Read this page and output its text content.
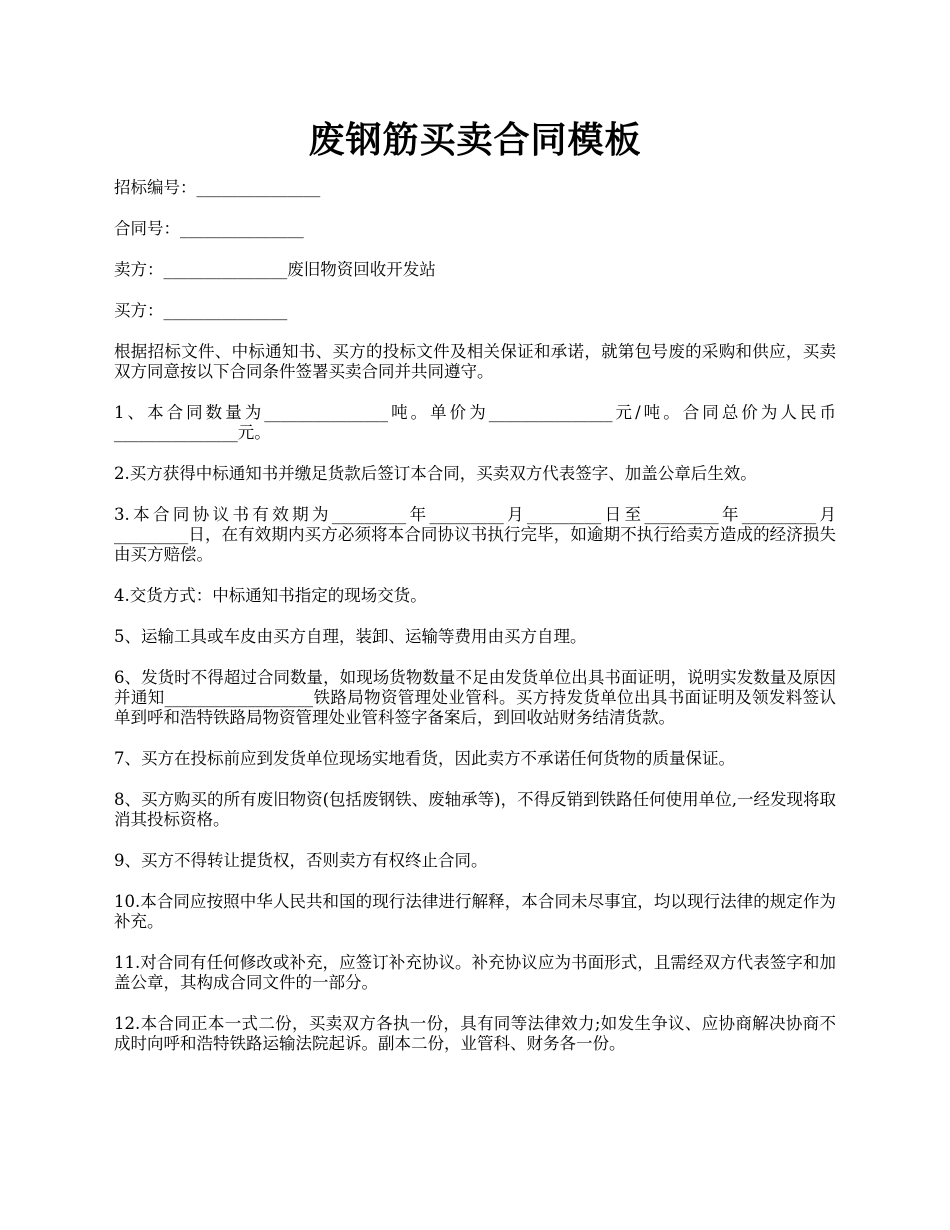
废钢筋买卖合同模板

招标编号：_______________

合同号：_______________

卖方：_______________废旧物资回收开发站

买方：_______________

根据招标文件、中标通知书、买方的投标文件及相关保证和承诺，就第包号废的采购和供应，买卖双方同意按以下合同条件签署买卖合同并共同遵守。

1、本合同数量为_______________吨。单价为_______________元/吨。合同总价为人民币_______________元。

2.买方获得中标通知书并缴足货款后签订本合同，买卖双方代表签字、加盖公章后生效。

3.本合同协议书有效期为_________年_________月_________日至_________年_________月_________日，在有效期内买方必须将本合同协议书执行完毕，如逾期不执行给卖方造成的经济损失由买方赔偿。

4.交货方式：中标通知书指定的现场交货。

5、运输工具或车皮由买方自理，装卸、运输等费用由买方自理。

6、发货时不得超过合同数量，如现场货物数量不足由发货单位出具书面证明，说明实发数量及原因并通知__________________铁路局物资管理处业管科。买方持发货单位出具书面证明及领发料签认单到呼和浩特铁路局物资管理处业管科签字备案后，到回收站财务结清货款。

7、买方在投标前应到发货单位现场实地看货，因此卖方不承诺任何货物的质量保证。

8、买方购买的所有废旧物资(包括废钢铁、废轴承等)，不得反销到铁路任何使用单位,一经发现将取消其投标资格。

9、买方不得转让提货权，否则卖方有权终止合同。

10.本合同应按照中华人民共和国的现行法律进行解释，本合同未尽事宜，均以现行法律的规定作为补充。

11.对合同有任何修改或补充，应签订补充协议。补充协议应为书面形式，且需经双方代表签字和加盖公章，其构成合同文件的一部分。

12.本合同正本一式二份，买卖双方各执一份，具有同等法律效力;如发生争议、应协商解决协商不成时向呼和浩特铁路运输法院起诉。副本二份，业管科、财务各一份。
